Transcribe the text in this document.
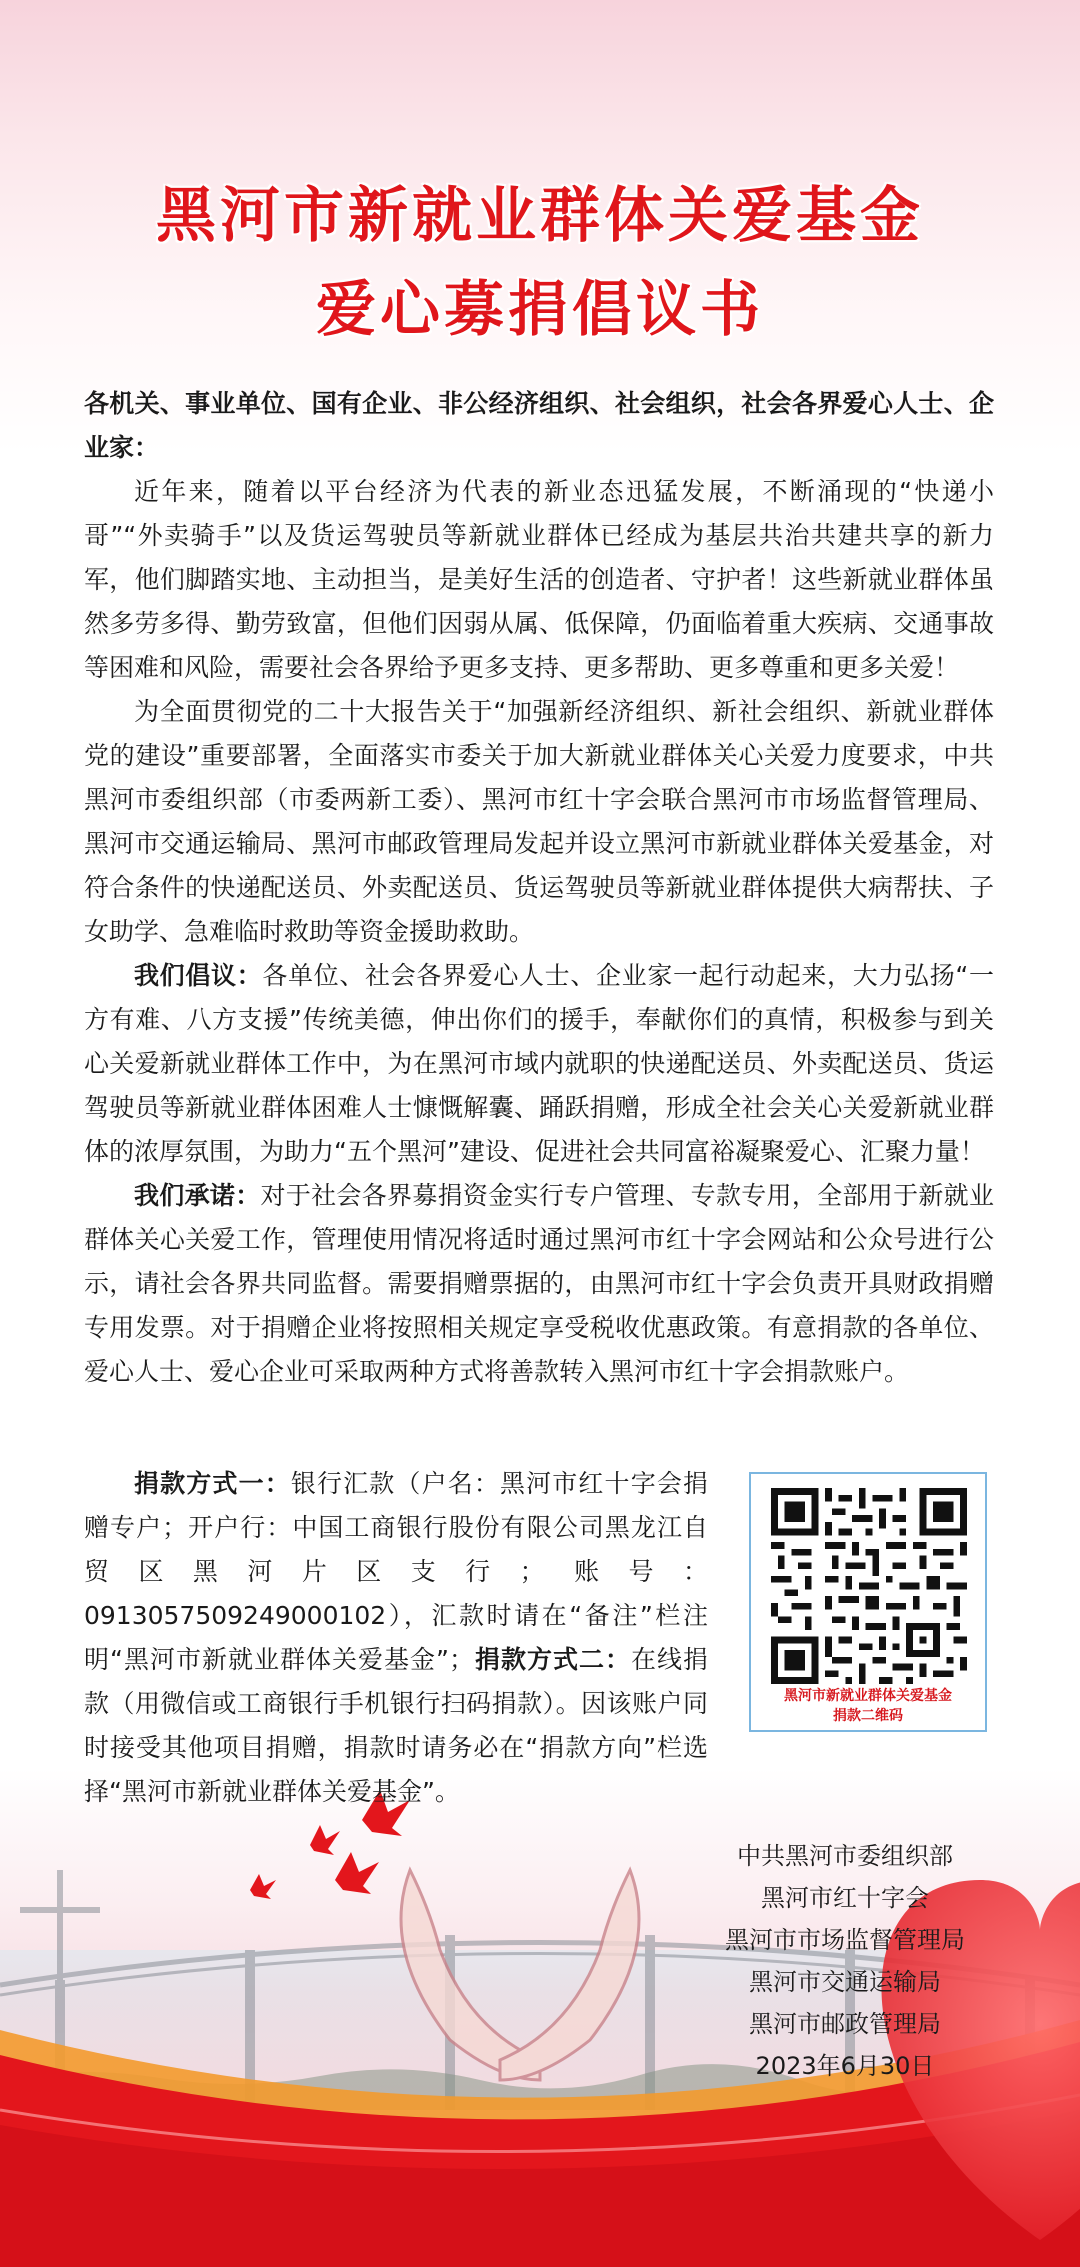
黑河市新就业群体关爱基金
爱心募捐倡议书

各机关、事业单位、国有企业、非公经济组织、社会组织，社会各界爱心人士、企业家：

近年来，随着以平台经济为代表的新业态迅猛发展，不断涌现的“快递小哥”“外卖骑手”以及货运驾驶员等新就业群体已经成为基层共治共建共享的新力军，他们脚踏实地、主动担当，是美好生活的创造者、守护者！这些新就业群体虽然多劳多得、勤劳致富，但他们因弱从属、低保障，仍面临着重大疾病、交通事故等困难和风险，需要社会各界给予更多支持、更多帮助、更多尊重和更多关爱！

为全面贯彻党的二十大报告关于“加强新经济组织、新社会组织、新就业群体党的建设”重要部署，全面落实市委关于加大新就业群体关心关爱力度要求，中共黑河市委组织部（市委两新工委）、黑河市红十字会联合黑河市市场监督管理局、黑河市交通运输局、黑河市邮政管理局发起并设立黑河市新就业群体关爱基金，对符合条件的快递配送员、外卖配送员、货运驾驶员等新就业群体提供大病帮扶、子女助学、急难临时救助等资金援助救助。

我们倡议：各单位、社会各界爱心人士、企业家一起行动起来，大力弘扬“一方有难、八方支援”传统美德，伸出你们的援手，奉献你们的真情，积极参与到关心关爱新就业群体工作中，为在黑河市域内就职的快递配送员、外卖配送员、货运驾驶员等新就业群体困难人士慷慨解囊、踊跃捐赠，形成全社会关心关爱新就业群体的浓厚氛围，为助力“五个黑河”建设、促进社会共同富裕凝聚爱心、汇聚力量！

我们承诺：对于社会各界募捐资金实行专户管理、专款专用，全部用于新就业群体关心关爱工作，管理使用情况将适时通过黑河市红十字会网站和公众号进行公示，请社会各界共同监督。需要捐赠票据的，由黑河市红十字会负责开具财政捐赠专用发票。对于捐赠企业将按照相关规定享受税收优惠政策。有意捐款的各单位、爱心人士、爱心企业可采取两种方式将善款转入黑河市红十字会捐款账户。

捐款方式一：银行汇款（户名：黑河市红十字会捐赠专户；开户行：中国工商银行股份有限公司黑龙江自贸区黑河片区支行；账号：0913057509249000102），汇款时请在“备注”栏注明“黑河市新就业群体关爱基金”；捐款方式二：在线捐款（用微信或工商银行手机银行扫码捐款）。因该账户同时接受其他项目捐赠，捐款时请务必在“捐款方向”栏选择“黑河市新就业群体关爱基金”。

黑河市新就业群体关爱基金
捐款二维码
中共黑河市委组织部
黑河市红十字会
黑河市市场监督管理局
黑河市交通运输局
黑河市邮政管理局
2023年6月30日
